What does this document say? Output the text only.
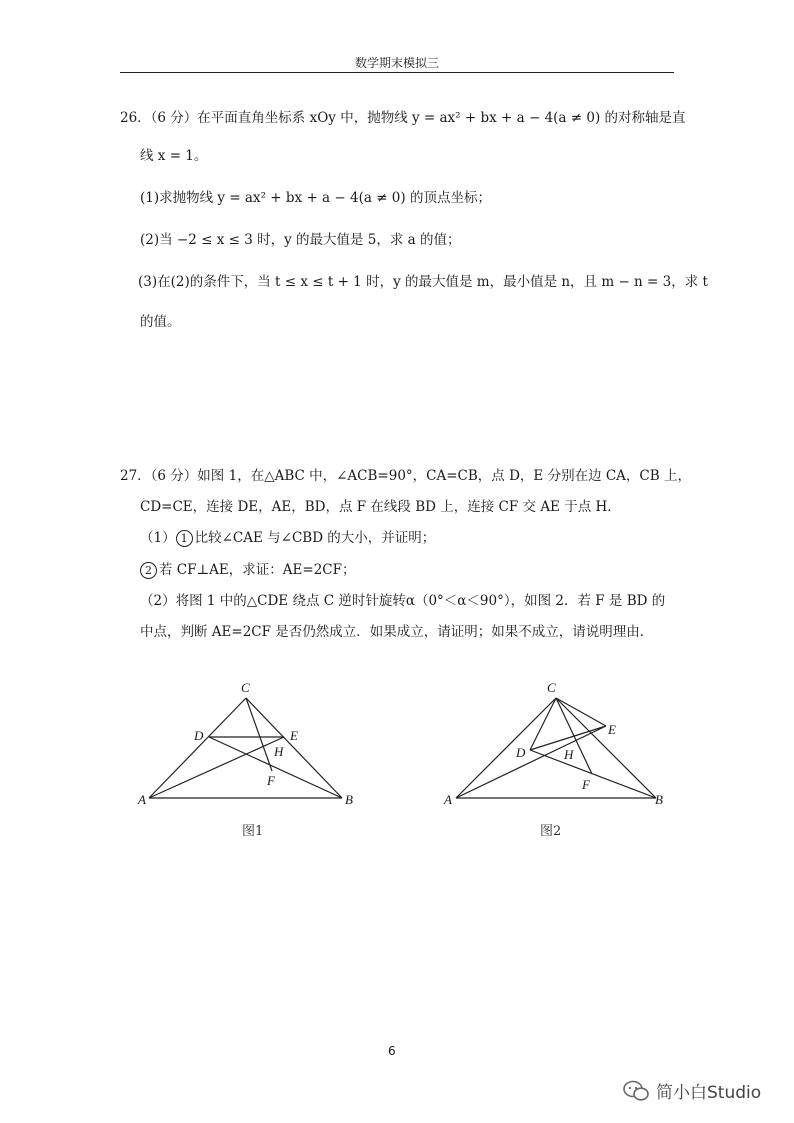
数学期末模拟三
26．（6 分）在平面直角坐标系 xOy 中，抛物线 y = ax² + bx + a − 4(a ≠ 0) 的对称轴是直
线 x = 1。
(1)求抛物线 y = ax² + bx + a − 4(a ≠ 0) 的顶点坐标；
(2)当 −2 ≤ x ≤ 3 时，y 的最大值是 5，求 a 的值；
(3)在(2)的条件下，当 t ≤ x ≤ t + 1 时，y 的最大值是 m，最小值是 n，且 m − n = 3，求 t
的值。
27．（6 分）如图 1，在△ABC 中，∠ACB=90°，CA=CB，点 D，E 分别在边 CA，CB 上，
CD=CE，连接 DE，AE，BD，点 F 在线段 BD 上，连接 CF 交 AE 于点 H．
（1） 1 比较∠CAE 与∠CBD 的大小，并证明；
2 若 CF⊥AE，求证：AE=2CF；
（2）将图 1 中的△CDE 绕点 C 逆时针旋转α（0°＜α＜90°），如图 2．若 F 是 BD 的
中点，判断 AE=2CF 是否仍然成立．如果成立，请证明；如果不成立，请说明理由．
C
D	E
H
F
A	B
图1
C
D
E
H
F
A	B
图2
6
简小白Studio
